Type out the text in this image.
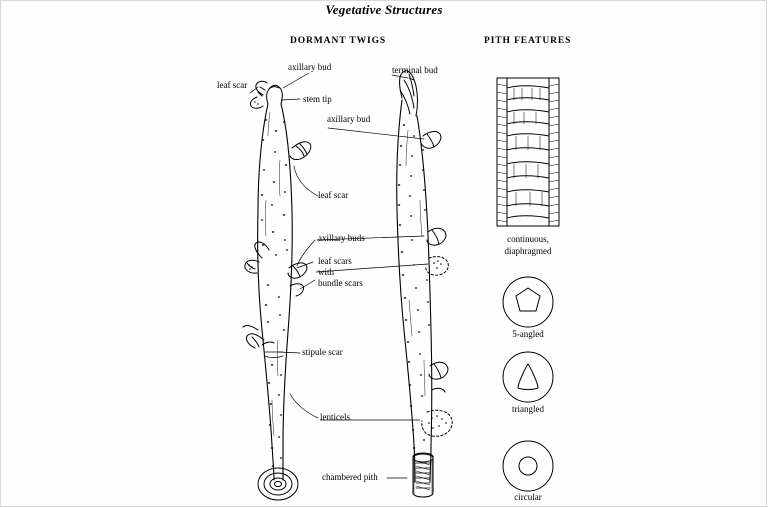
Vegetative Structures
DORMANT TWIGS	PITH FEATURES
axillary bud
leaf scar
stem tip
terminal bud
axillary bud
leaf scar
axillary buds
leaf scars
with
bundle scars
stipule scar
lenticels
chambered pith
continuous,
diaphragmed
5-angled
triangled
circular
